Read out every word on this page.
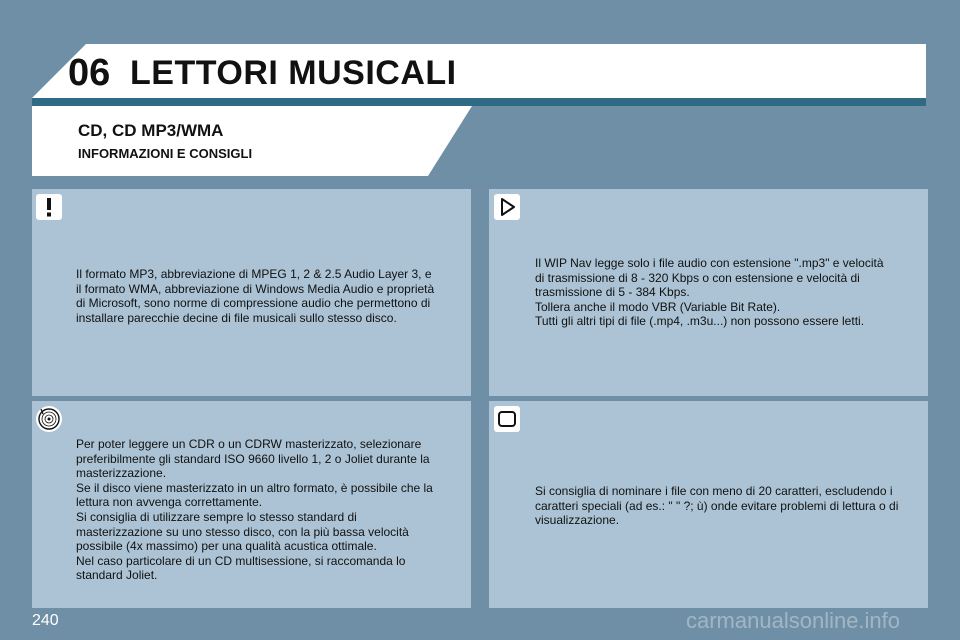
06 LETTORI MUSICALI
CD, CD MP3/WMA
INFORMAZIONI E CONSIGLI
Il formato MP3, abbreviazione di MPEG 1, 2 & 2.5 Audio Layer 3, e
il formato WMA, abbreviazione di Windows Media Audio e proprietà
di Microsoft, sono norme di compressione audio che permettono di
installare parecchie decine di file musicali sullo stesso disco.
Il WIP Nav legge solo i file audio con estensione ".mp3" e velocità
di trasmissione di 8 - 320 Kbps o con estensione e velocità di
trasmissione di 5 - 384 Kbps.
Tollera anche il modo VBR (Variable Bit Rate).
Tutti gli altri tipi di file (.mp4, .m3u...) non possono essere letti.
Per poter leggere un CDR o un CDRW masterizzato, selezionare
preferibilmente gli standard ISO 9660 livello 1, 2 o Joliet durante la
masterizzazione.
Se il disco viene masterizzato in un altro formato, è possibile che la
lettura non avvenga correttamente.
Si consiglia di utilizzare sempre lo stesso standard di
masterizzazione su uno stesso disco, con la più bassa velocità
possibile (4x massimo) per una qualità acustica ottimale.
Nel caso particolare di un CD multisessione, si raccomanda lo
standard Joliet.
Si consiglia di nominare i file con meno di 20 caratteri, escludendo i
caratteri speciali (ad es.: " " ?; ù) onde evitare problemi di lettura o di
visualizzazione.
240	carmanualsonline.info
